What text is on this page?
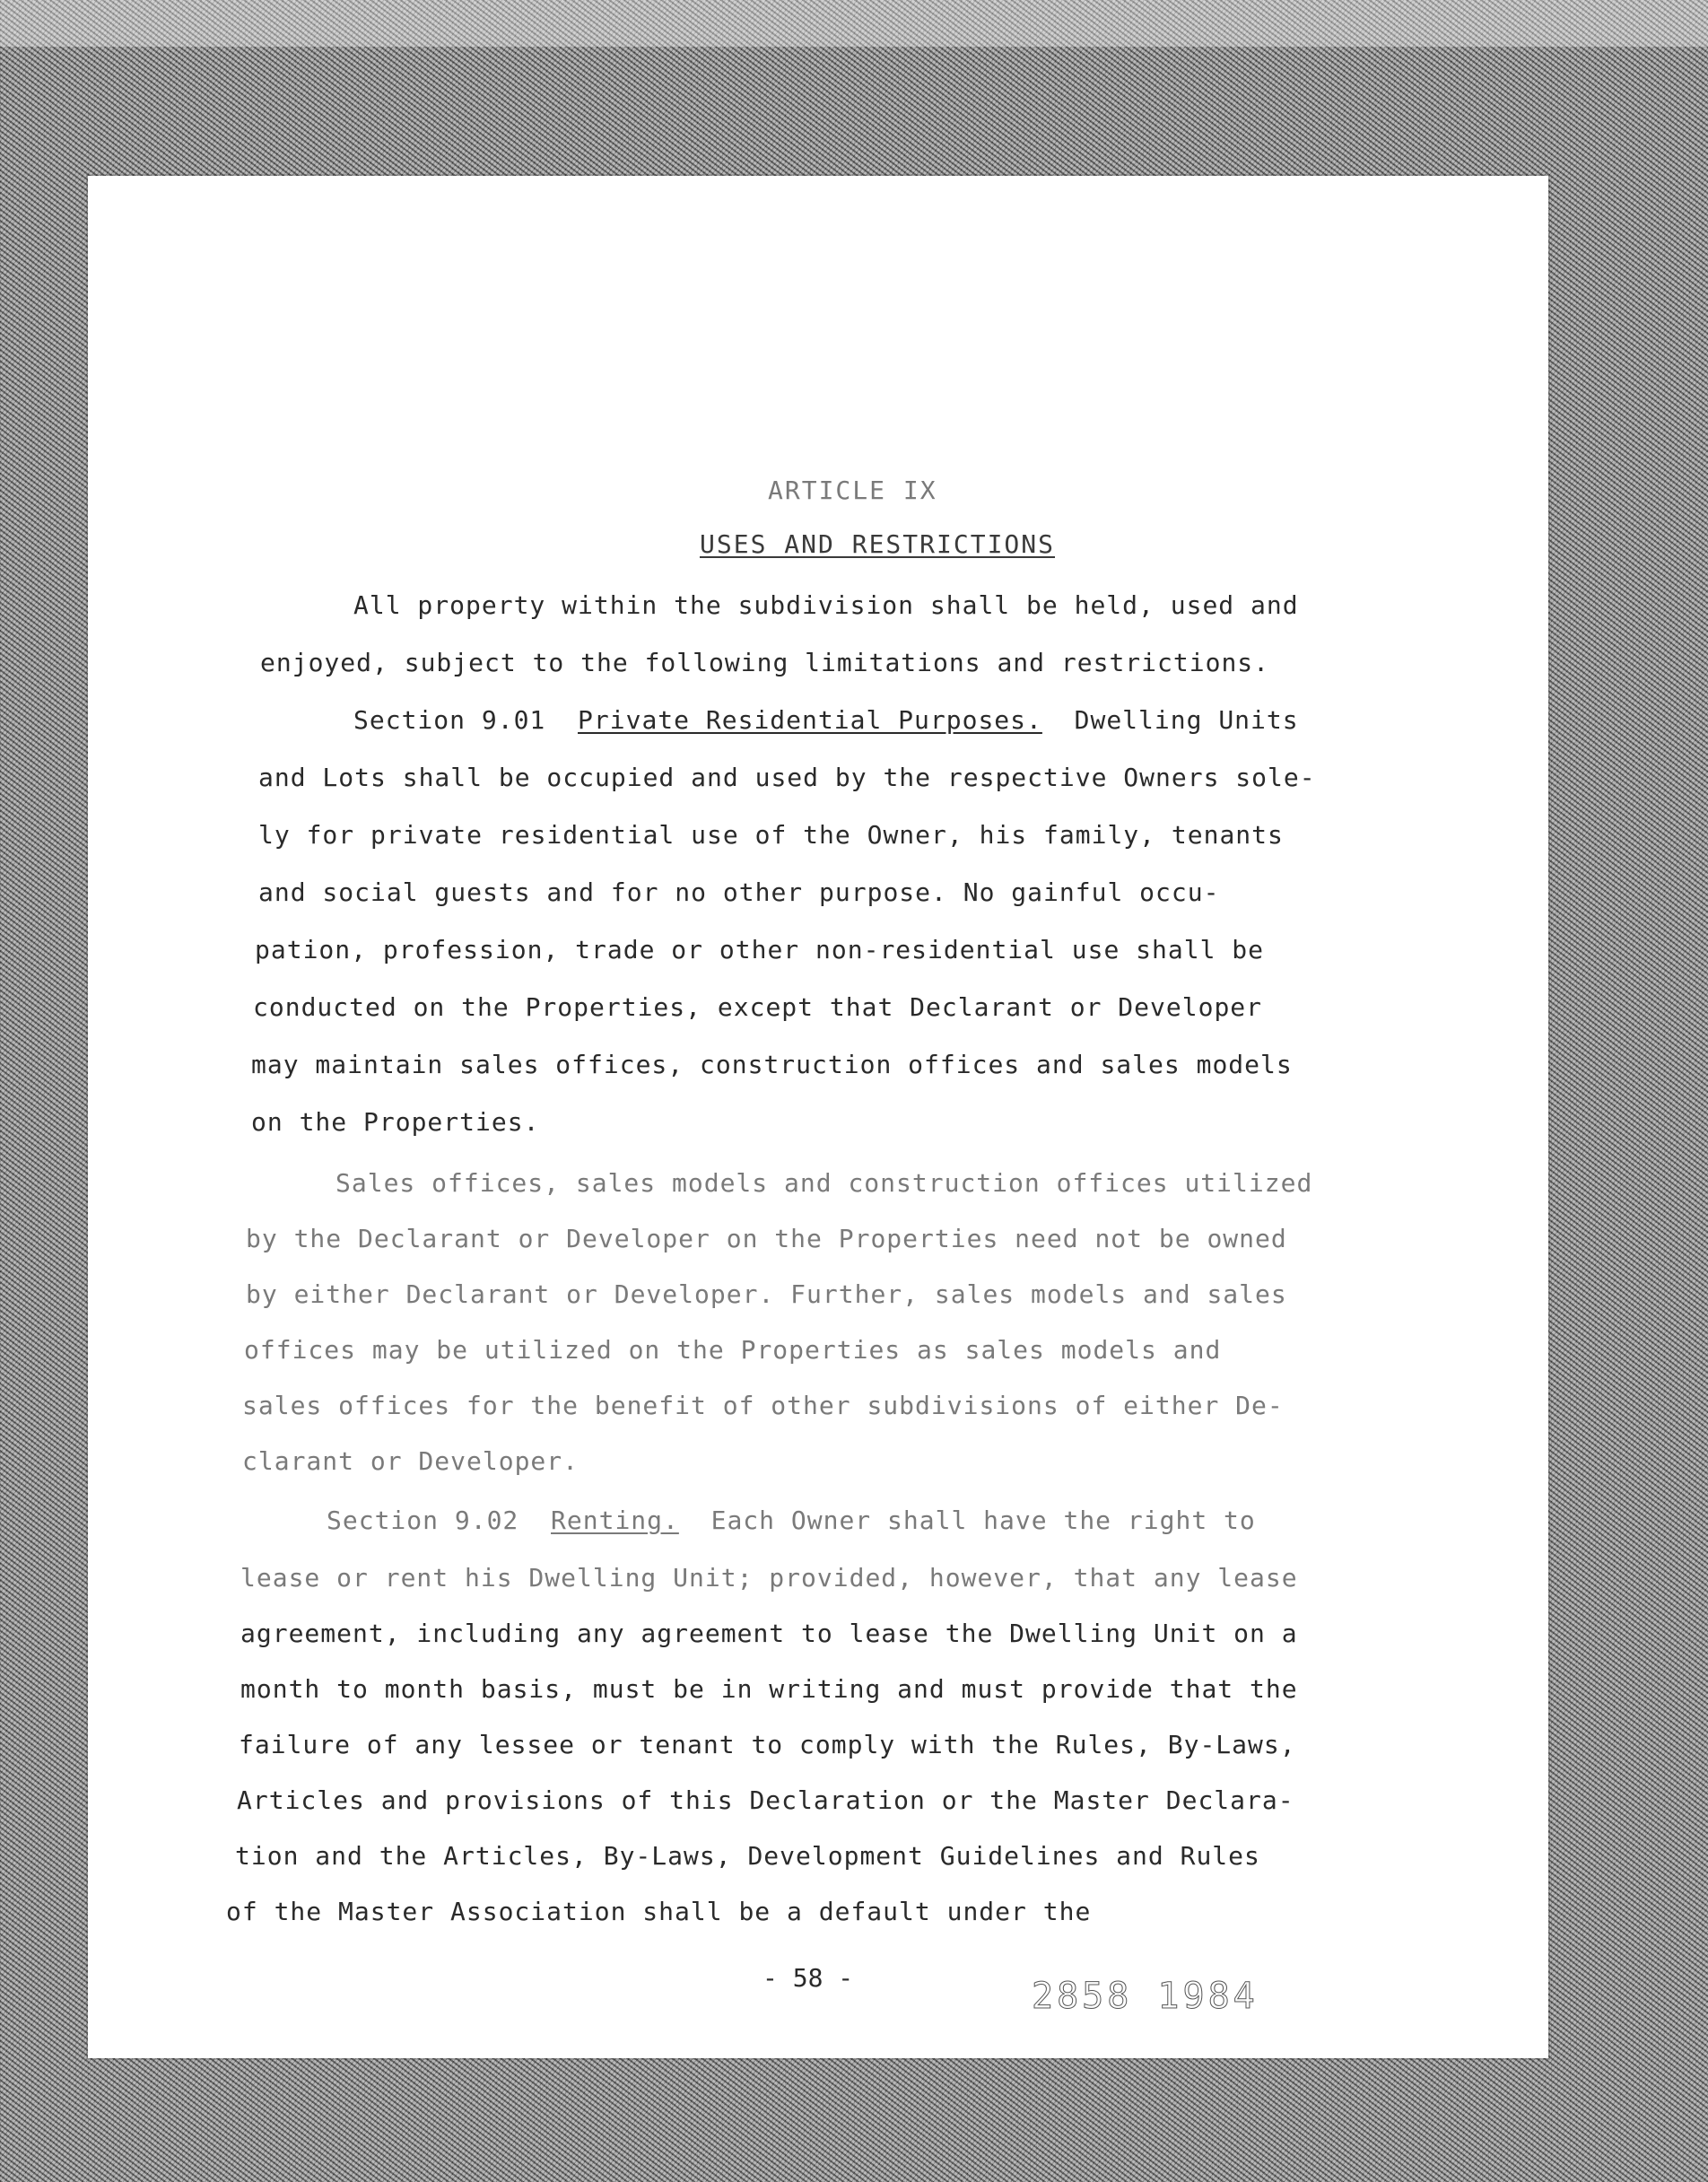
ARTICLE IX
USES AND RESTRICTIONS
All property within the subdivision shall be held, used and
enjoyed, subject to the following limitations and restrictions.
Section 9.01 Private Residential Purposes. Dwelling Units
and Lots shall be occupied and used by the respective Owners sole-
ly for private residential use of the Owner, his family, tenants
and social guests and for no other purpose. No gainful occu-
pation, profession, trade or other non-residential use shall be
conducted on the Properties, except that Declarant or Developer
may maintain sales offices, construction offices and sales models
on the Properties.
Sales offices, sales models and construction offices utilized
by the Declarant or Developer on the Properties need not be owned
by either Declarant or Developer. Further, sales models and sales
offices may be utilized on the Properties as sales models and
sales offices for the benefit of other subdivisions of either De-
clarant or Developer.
Section 9.02 Renting. Each Owner shall have the right to
lease or rent his Dwelling Unit; provided, however, that any lease
agreement, including any agreement to lease the Dwelling Unit on a
month to month basis, must be in writing and must provide that the
failure of any lessee or tenant to comply with the Rules, By-Laws,
Articles and provisions of this Declaration or the Master Declara-
tion and the Articles, By-Laws, Development Guidelines and Rules
of the Master Association shall be a default under the
- 58 -	2858 1984
